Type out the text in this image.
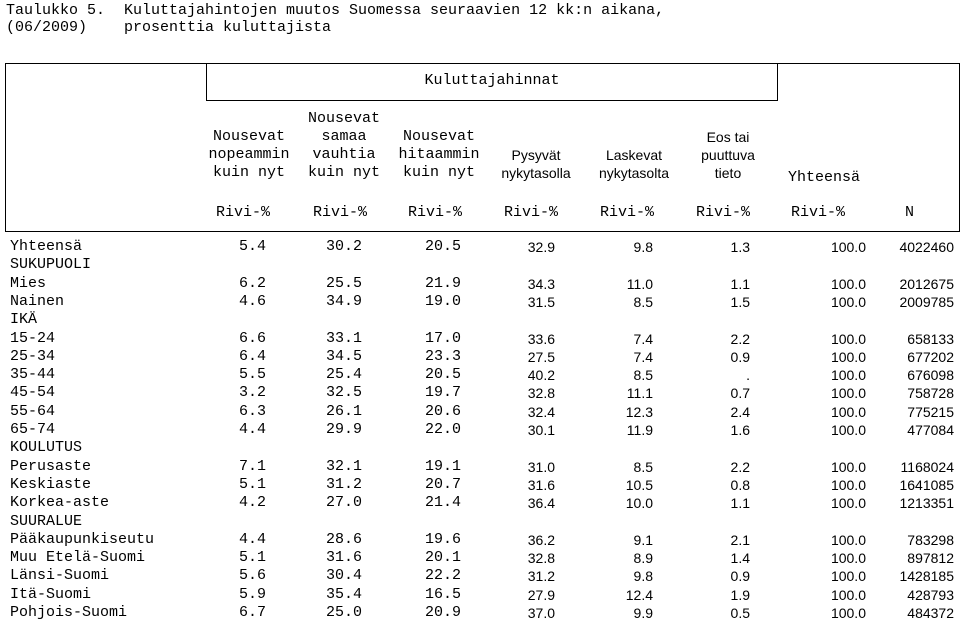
Taulukko 5.
(06/2009)
Kuluttajahintojen muutos Suomessa seuraavien 12 kk:n aikana,
prosenttia kuluttajista
Kuluttajahinnat
Nousevat
nopeammin
kuin nyt
Nousevat
samaa
vauhtia
kuin nyt
Nousevat
hitaammin
kuin nyt
Pysyvät
nykytasolla
Laskevat
nykytasolta
Eos tai
puuttuva
tieto	Yhteensä
Rivi-%	Rivi-%	Rivi-%	Rivi-%	Rivi-%	Rivi-%	Rivi-%	N
Yhteensä	5.4	30.2	20.5	32.9	9.8	1.3	100.0	4022460
SUKUPUOLI
Mies	6.2	25.5	21.9	34.3	11.0	1.1	100.0	2012675
Nainen	4.6	34.9	19.0	31.5	8.5	1.5	100.0	2009785
IKÄ
15-24	6.6	33.1	17.0	33.6	7.4	2.2	100.0	658133
25-34	6.4	34.5	23.3	27.5	7.4	0.9	100.0	677202
35-44	5.5	25.4	20.5	40.2	8.5	.	100.0	676098
45-54	3.2	32.5	19.7	32.8	11.1	0.7	100.0	758728
55-64	6.3	26.1	20.6	32.4	12.3	2.4	100.0	775215
65-74	4.4	29.9	22.0	30.1	11.9	1.6	100.0	477084
KOULUTUS
Perusaste	7.1	32.1	19.1	31.0	8.5	2.2	100.0	1168024
Keskiaste	5.1	31.2	20.7	31.6	10.5	0.8	100.0	1641085
Korkea-aste	4.2	27.0	21.4	36.4	10.0	1.1	100.0	1213351
SUURALUE
Pääkaupunkiseutu	4.4	28.6	19.6	36.2	9.1	2.1	100.0	783298
Muu Etelä-Suomi	5.1	31.6	20.1	32.8	8.9	1.4	100.0	897812
Länsi-Suomi	5.6	30.4	22.2	31.2	9.8	0.9	100.0	1428185
Itä-Suomi	5.9	35.4	16.5	27.9	12.4	1.9	100.0	428793
Pohjois-Suomi	6.7	25.0	20.9	37.0	9.9	0.5	100.0	484372
